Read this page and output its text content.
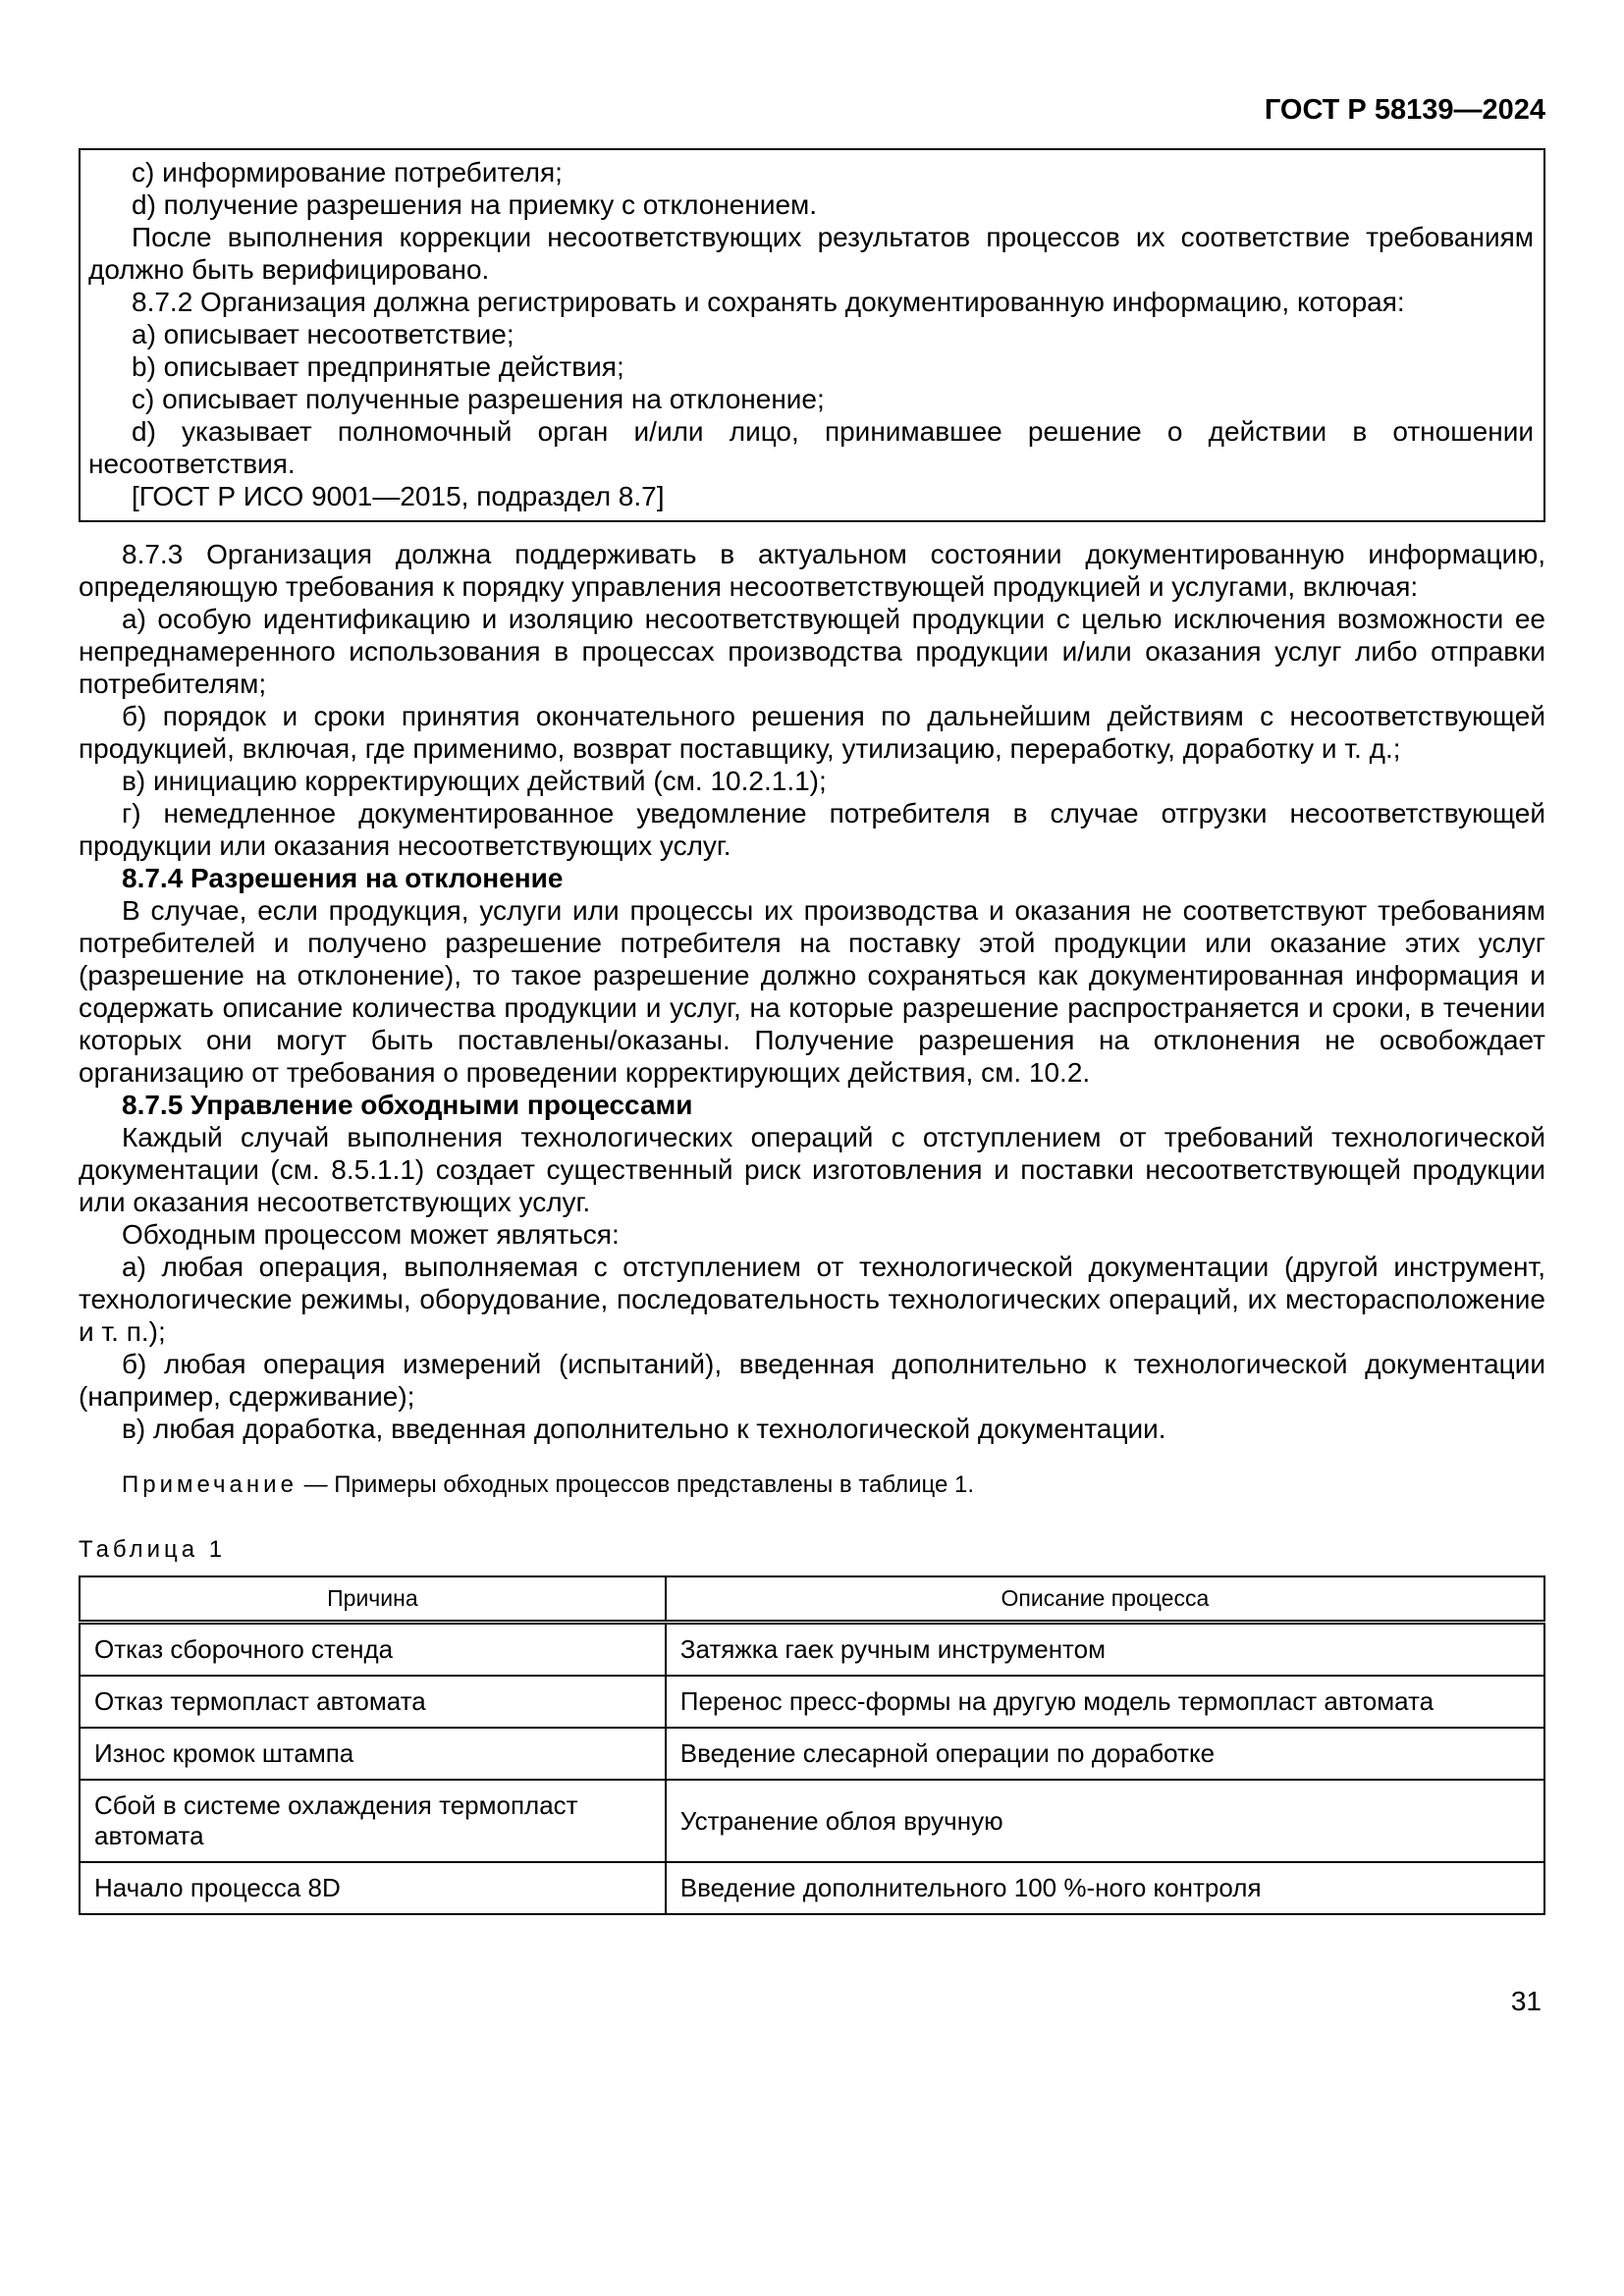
ГОСТ Р 58139—2024

c) информирование потребителя;

d) получение разрешения на приемку с отклонением.

После выполнения коррекции несоответствующих результатов процессов их соответствие требованиям должно быть верифицировано.

8.7.2 Организация должна регистрировать и сохранять документированную информацию, которая:

a) описывает несоответствие;

b) описывает предпринятые действия;

c) описывает полученные разрешения на отклонение;

d) указывает полномочный орган и/или лицо, принимавшее решение о действии в отношении несоответствия.

[ГОСТ Р ИСО 9001—2015, подраздел 8.7]

8.7.3 Организация должна поддерживать в актуальном состоянии документированную информацию, определяющую требования к порядку управления несоответствующей продукцией и услугами, включая:

а) особую идентификацию и изоляцию несоответствующей продукции с целью исключения возможности ее непреднамеренного использования в процессах производства продукции и/или оказания услуг либо отправки потребителям;

б) порядок и сроки принятия окончательного решения по дальнейшим действиям с несоответствующей продукцией, включая, где применимо, возврат поставщику, утилизацию, переработку, доработку и т. д.;

в) инициацию корректирующих действий (см. 10.2.1.1);

г) немедленное документированное уведомление потребителя в случае отгрузки несоответствующей продукции или оказания несоответствующих услуг.

8.7.4 Разрешения на отклонение

В случае, если продукция, услуги или процессы их производства и оказания не соответствуют требованиям потребителей и получено разрешение потребителя на поставку этой продукции или оказание этих услуг (разрешение на отклонение), то такое разрешение должно сохраняться как документированная информация и содержать описание количества продукции и услуг, на которые разрешение распространяется и сроки, в течении которых они могут быть поставлены/оказаны. Получение разрешения на отклонения не освобождает организацию от требования о проведении корректирующих действия, см. 10.2.

8.7.5 Управление обходными процессами

Каждый случай выполнения технологических операций с отступлением от требований технологической документации (см. 8.5.1.1) создает существенный риск изготовления и поставки несоответствующей продукции или оказания несоответствующих услуг.

Обходным процессом может являться:

а) любая операция, выполняемая с отступлением от технологической документации (другой инструмент, технологические режимы, оборудование, последовательность технологических операций, их месторасположение и т. п.);

б) любая операция измерений (испытаний), введенная дополнительно к технологической документации (например, сдерживание);

в) любая доработка, введенная дополнительно к технологической документации.

Примечание — Примеры обходных процессов представлены в таблице 1.

Таблица 1
Причина	Описание процесса
Отказ сборочного стенда	Затяжка гаек ручным инструментом
Отказ термопласт автомата	Перенос пресс-формы на другую модель термопласт автомата
Износ кромок штампа	Введение слесарной операции по доработке
Сбой в системе охлаждения термопласт автомата	Устранение облоя вручную
Начало процесса 8D	Введение дополнительного 100 %-ного контроля
31
